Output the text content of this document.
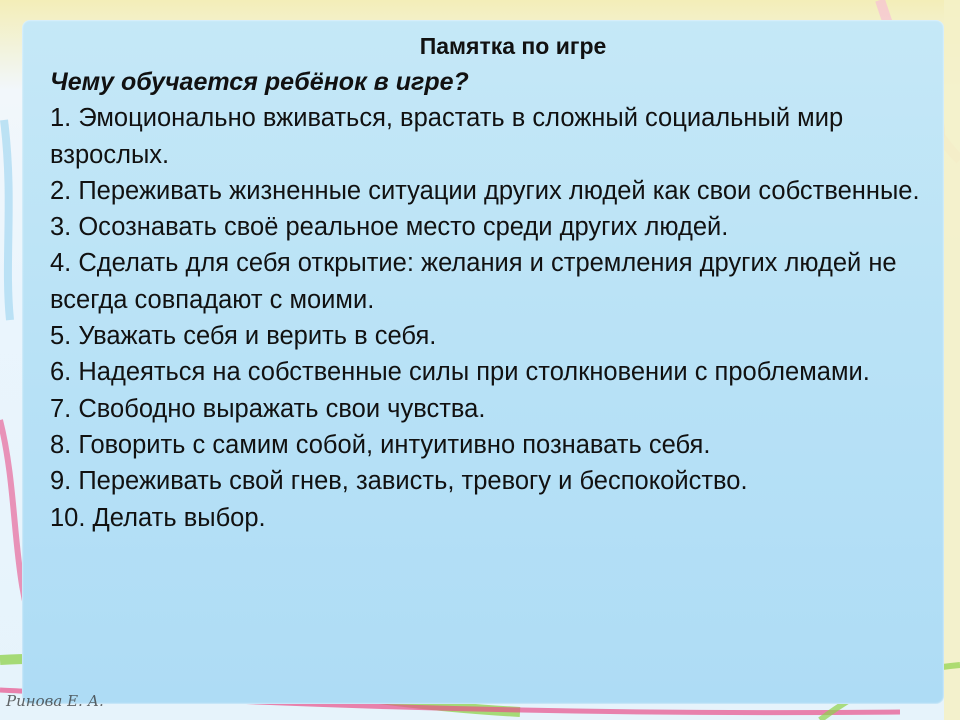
Памятка по игре
Чему обучается ребёнок в игре?
1. Эмоционально вживаться, врастать в сложный социальный мир взрослых.
2. Переживать жизненные ситуации других людей как свои собственные.
3. Осознавать своё реальное место среди других людей.
4. Сделать для себя открытие: желания и стремления других людей не всегда совпадают с моими.
5. Уважать себя и верить в себя.
6. Надеяться на собственные силы при столкновении с проблемами.
7. Свободно выражать свои чувства.
8. Говорить с самим собой, интуитивно познавать себя.
9. Переживать свой гнев, зависть, тревогу и беспокойство.
10. Делать выбор.
Ринова Е. А.
